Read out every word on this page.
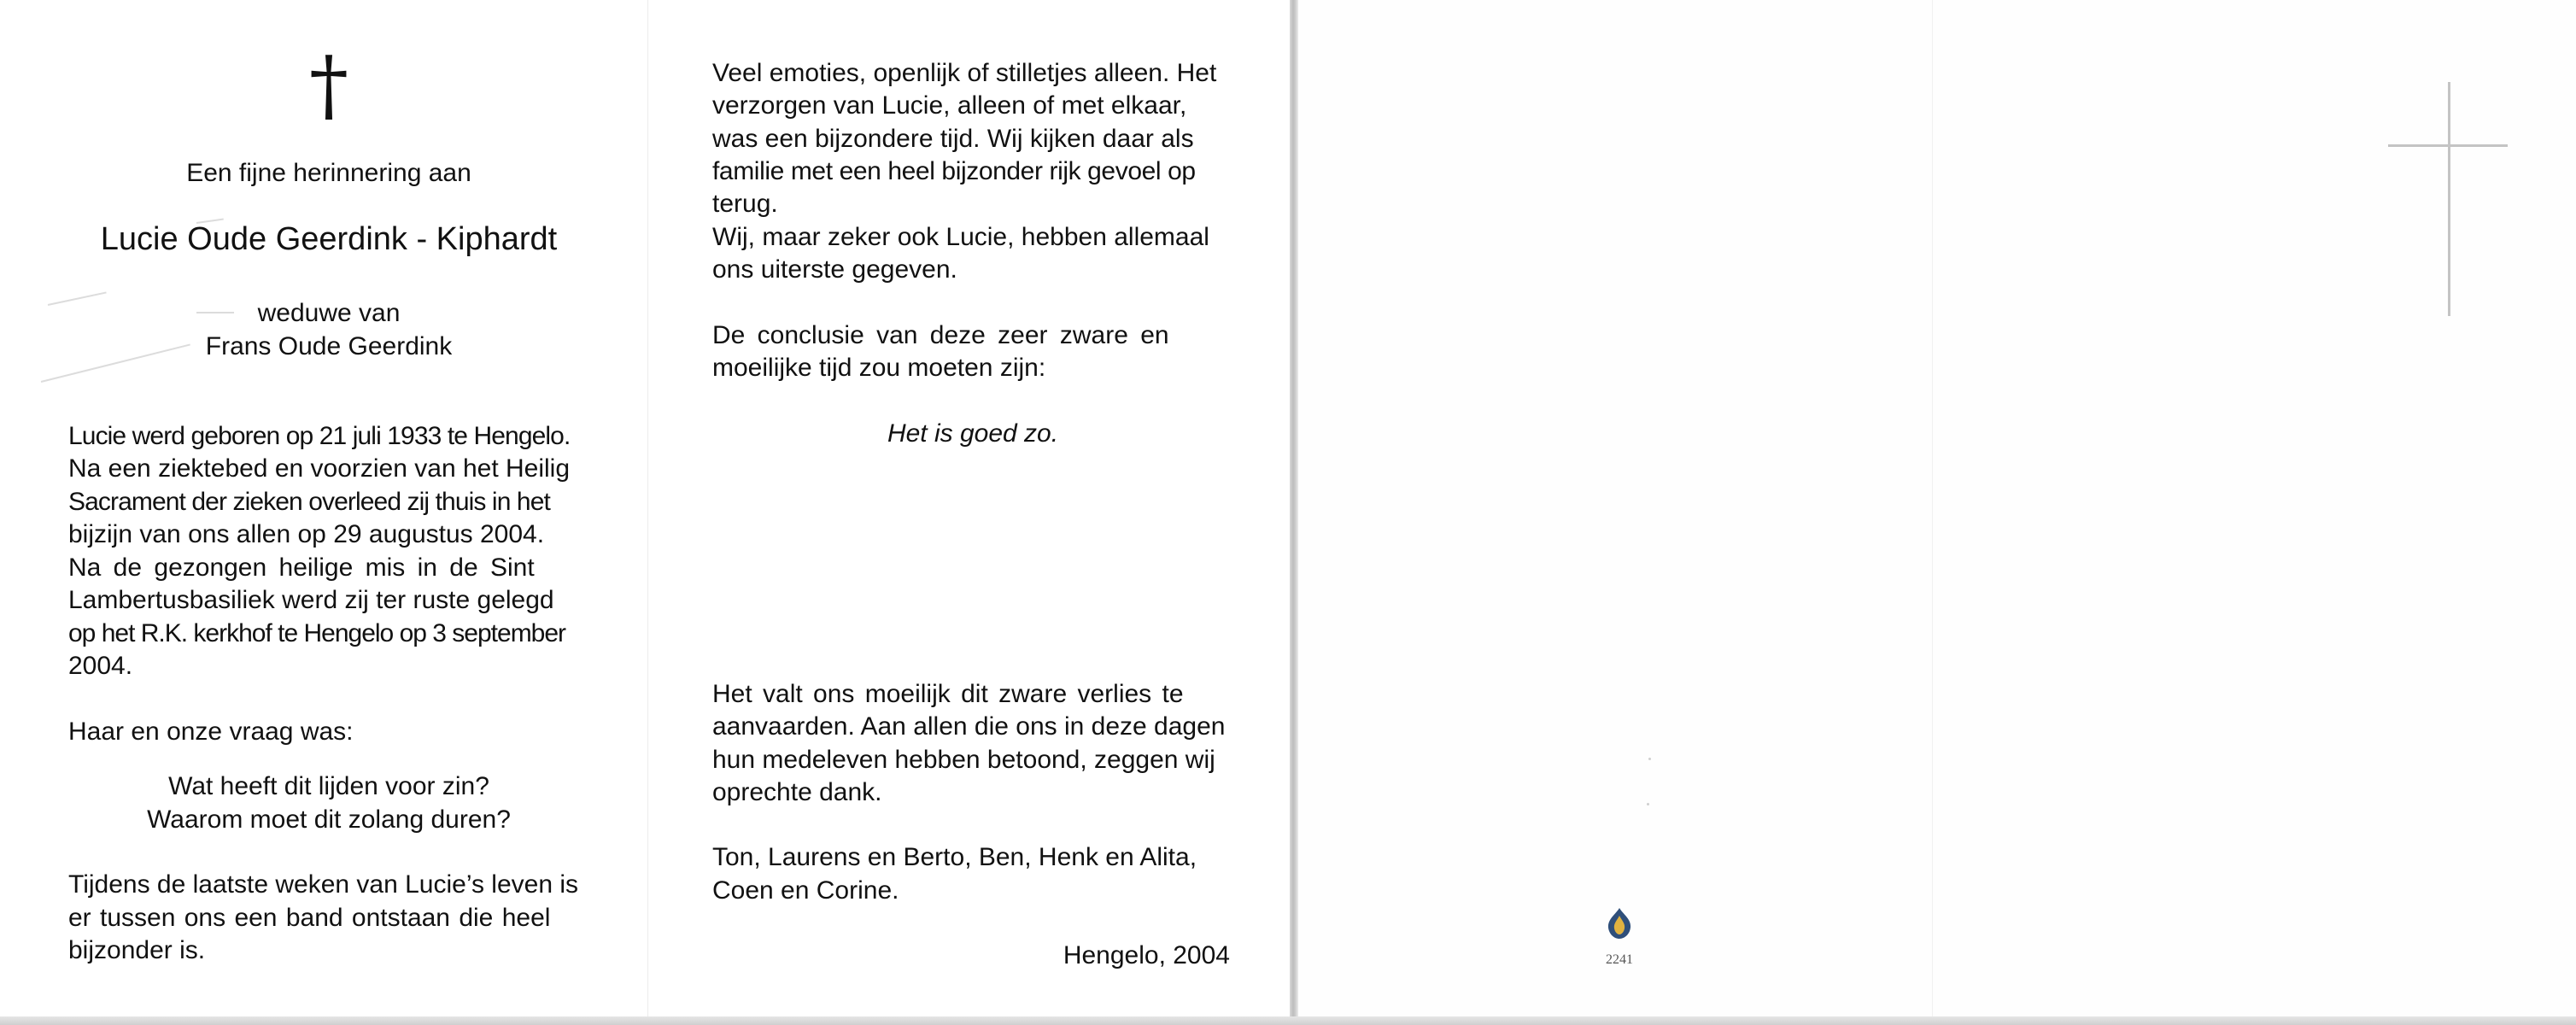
†

Een fijne herinnering aan

Lucie Oude Geerdink - Kiphardt

weduwe van

Frans Oude Geerdink

Lucie werd geboren op 21 juli 1933 te Hengelo.

Na een ziektebed en voorzien van het Heilig

Sacrament der zieken overleed zij thuis in het

bijzijn van ons allen op 29 augustus 2004.

Na de gezongen heilige mis in de Sint

Lambertusbasiliek werd zij ter ruste gelegd

op het R.K. kerkhof te Hengelo op 3 september

2004.

Haar en onze vraag was:

Wat heeft dit lijden voor zin?

Waarom moet dit zolang duren?

Tijdens de laatste weken van Lucie’s leven is

er tussen ons een band ontstaan die heel

bijzonder is.

Veel emoties, openlijk of stilletjes alleen. Het

verzorgen van Lucie, alleen of met elkaar,

was een bijzondere tijd. Wij kijken daar als

familie met een heel bijzonder rijk gevoel op

terug.

Wij, maar zeker ook Lucie, hebben allemaal

ons uiterste gegeven.

De conclusie van deze zeer zware en

moeilijke tijd zou moeten zijn:

Het is goed zo.

Het valt ons moeilijk dit zware verlies te

aanvaarden. Aan allen die ons in deze dagen

hun medeleven hebben betoond, zeggen wij

oprechte dank.

Ton, Laurens en Berto, Ben, Henk en Alita,

Coen en Corine.

Hengelo, 2004	2241
